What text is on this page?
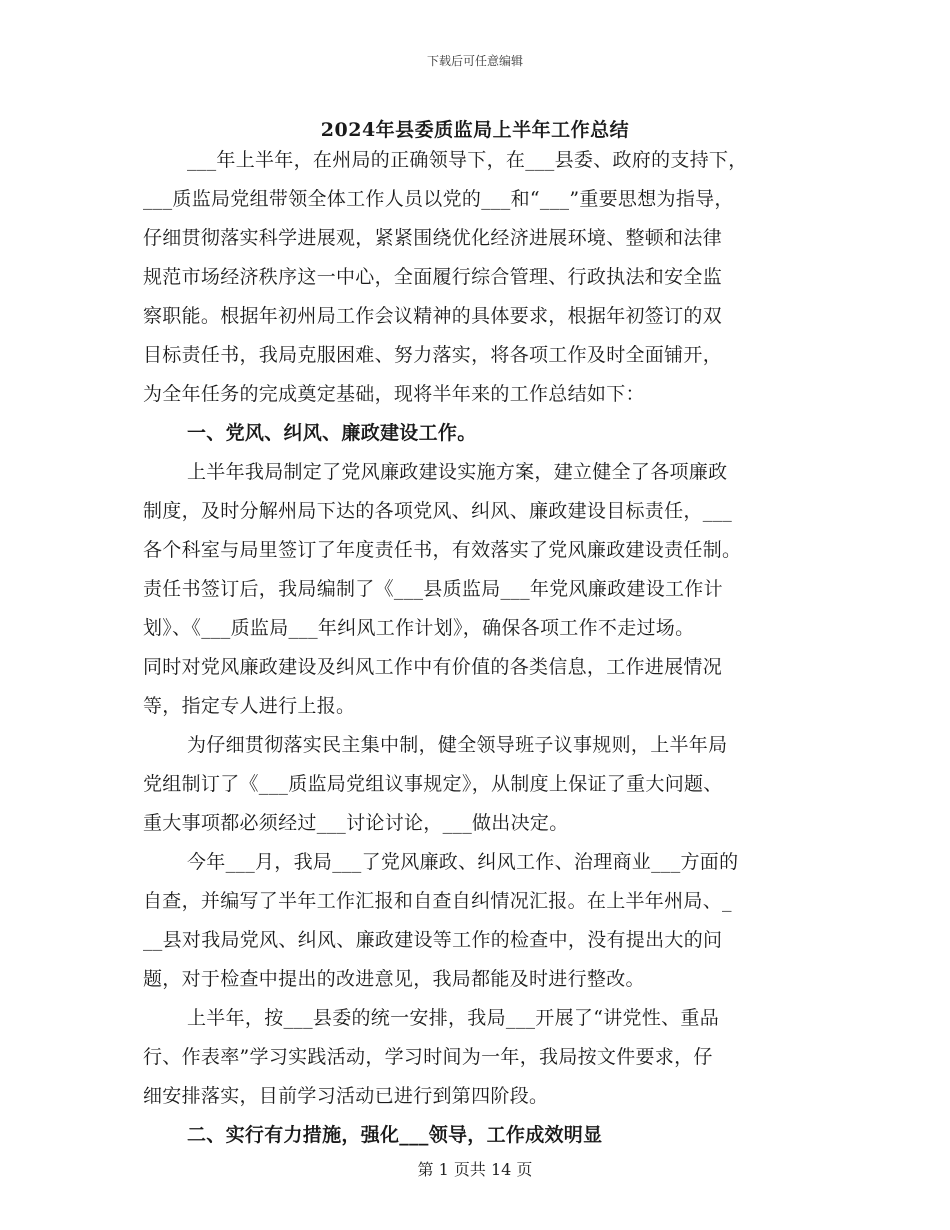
下载后可任意编辑
2024年县委质监局上半年工作总结
___年上半年，在州局的正确领导下，在___县委、政府的支持下，
___质监局党组带领全体工作人员以党的___和“___”重要思想为指导，
仔细贯彻落实科学进展观，紧紧围绕优化经济进展环境、整顿和法律
规范市场经济秩序这一中心，全面履行综合管理、行政执法和安全监
察职能。根据年初州局工作会议精神的具体要求，根据年初签订的双
目标责任书，我局克服困难、努力落实，将各项工作及时全面铺开，
为全年任务的完成奠定基础，现将半年来的工作总结如下：
一、党风、纠风、廉政建设工作。
上半年我局制定了党风廉政建设实施方案，建立健全了各项廉政
制度，及时分解州局下达的各项党风、纠风、廉政建设目标责任，___
各个科室与局里签订了年度责任书，有效落实了党风廉政建设责任制。
责任书签订后，我局编制了《___县质监局___年党风廉政建设工作计
划》、《___质监局___年纠风工作计划》，确保各项工作不走过场。
同时对党风廉政建设及纠风工作中有价值的各类信息，工作进展情况
等，指定专人进行上报。
为仔细贯彻落实民主集中制，健全领导班子议事规则，上半年局
党组制订了《___质监局党组议事规定》，从制度上保证了重大问题、
重大事项都必须经过___讨论讨论，___做出决定。
今年___月，我局___了党风廉政、纠风工作、治理商业___方面的
自查，并编写了半年工作汇报和自查自纠情况汇报。在上半年州局、_
__县对我局党风、纠风、廉政建设等工作的检查中，没有提出大的问
题，对于检查中提出的改进意见，我局都能及时进行整改。
上半年，按___县委的统一安排，我局___开展了“讲党性、重品
行、作表率”学习实践活动，学习时间为一年，我局按文件要求，仔
细安排落实，目前学习活动已进行到第四阶段。
二、实行有力措施，强化___领导，工作成效明显
第 1 页共 14 页
